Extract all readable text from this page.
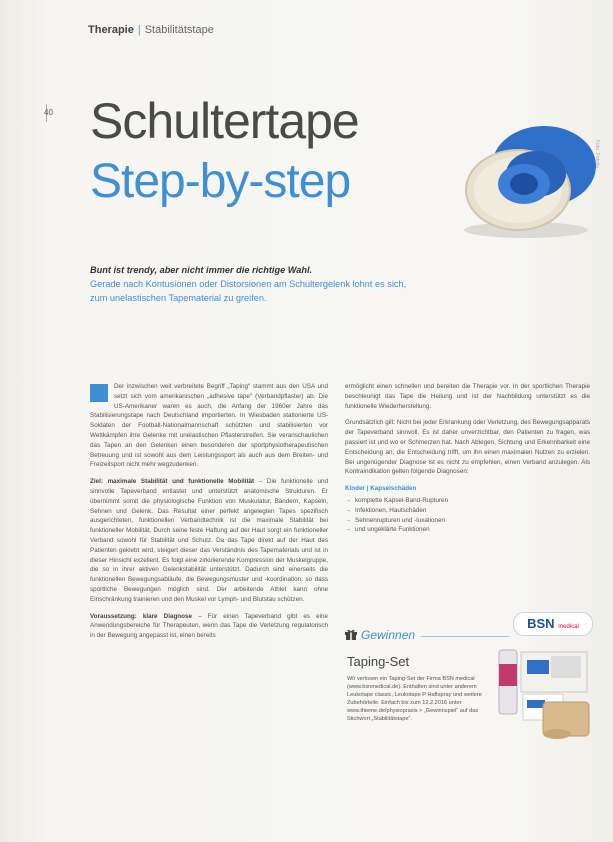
Therapie | Stabilitätstape
40 Schultertape
Step-by-step
Foto: Fotolia
Bunt ist trendy, aber nicht immer die richtige Wahl.
Gerade nach Kontusionen oder Distorsionen am Schultergelenk lohnt es sich, zum unelastischen Tapematerial zu greifen.

Der inzwischen weit verbreitete Begriff „Taping“ stammt aus den USA und setzt sich vom amerikanischen „adhesive tape“ (Verbandpflaster) ab. Die US-Amerikaner waren es auch, die Anfang der 1960er Jahre das Stabilisierungstape nach Deutschland importierten. In Wiesbaden stationierte US-Soldaten der Football-Nationalmannschaft schützten und stabilisierten vor Wettkämpfen ihre Gelenke mit unelastischen Pflasterstreifen. Sie veranschaulichen das Tapen an den Gelenken einen besonderen der sportphysiotherapeutischen Betreuung und ist sowohl aus dem Leistungssport als auch aus dem Breiten- und Freizeitsport nicht mehr wegzudenken.

Ziel: maximale Stabilität und funktionelle Mobilität – Die funktionelle und sinnvolle Tapeverband entlastet und unterstützt anatomische Strukturen. Er übernimmt somit die physiologische Funktion von Muskulatur, Bändern, Kapseln, Sehnen und Gelenk. Das Resultat einer perfekt angelegten Tapes spezifisch ausgerichteten, funktionellen Verbandtechnik ist die maximale Stabilität bei funktioneller Mobilität. Durch seine feste Haftung auf der Haut sorgt ein funktioneller Verband sowohl für Stabilität und Schutz. Da das Tape direkt auf der Haut des Patienten geklebt wird, steigert dieser das Verständnis des Tapematerials und ist in dieser Hinsicht exzellent. Es folgt eine zirkulierende Kompression der Muskelgruppe, die so in ihrer aktiven Gelenkstabilität unterstützt. Dadurch sind einerseits die funktionellen Bewegungsabläufe, die Bewegungsmuster und -koordination, so dass sportliche Bewegungen möglich sind. Der arbeitende Athlet kann ohne Einschränkung trainieren und den Muskel vor Lymph- und Blutstau schützen.

Voraussetzung: klare Diagnose – Für einen Tapeverband gibt es eine Anwendungsbereiche für Therapeuten, wenn das Tape die Verletzung regulatorisch in der Bewegung angepasst ist, einen bereits

ermöglicht einen schnellen und bereiten die Therapie vor. In der sportlichen Therapie beschleunigt das Tape die Heilung und ist der Nachbildung unterstützt es die funktionelle Wiederherstellung.

Grundsätzlich gilt: Nicht bei jeder Erkrankung oder Verletzung, des Bewegungsapparats der Tapeverband sinnvoll. Es ist daher unverzichtbar, den Patienten zu fragen, was passiert ist und wo er Schmerzen hat. Nach Ablegen, Sichtung und Erkennbarkeit eine Entscheidung an, die Entscheidung trifft, um ihn einen maximalen Nutzen zu erzielen. Bei ungenügender Diagnose ist es nicht zu empfehlen, einen Verband anzulegen. Als Kontraindikation gelten folgende Diagnosen:

Kinder | Kapselschäden
→ komplette Kapsel-Band-Rupturen
→ Infektionen, Hautschäden
→ Sehnenrupturen und -luxationen
→ und ungeklärte Funktionen
BSN medical
Gewinnen
Taping-Set
Wir verlosen ein Taping-Set der Firma BSN medical (www.bsnmedical.de). Enthalten sind unter anderem Leukotape classic, Leukotape P Haftspray und weitere Zubehörteile. Einfach bis zum 12.2.2016 unter www.thieme.de/physiopraxis > „Gewinnspiel“ auf das Stichwort „Stabilitätstape“.
